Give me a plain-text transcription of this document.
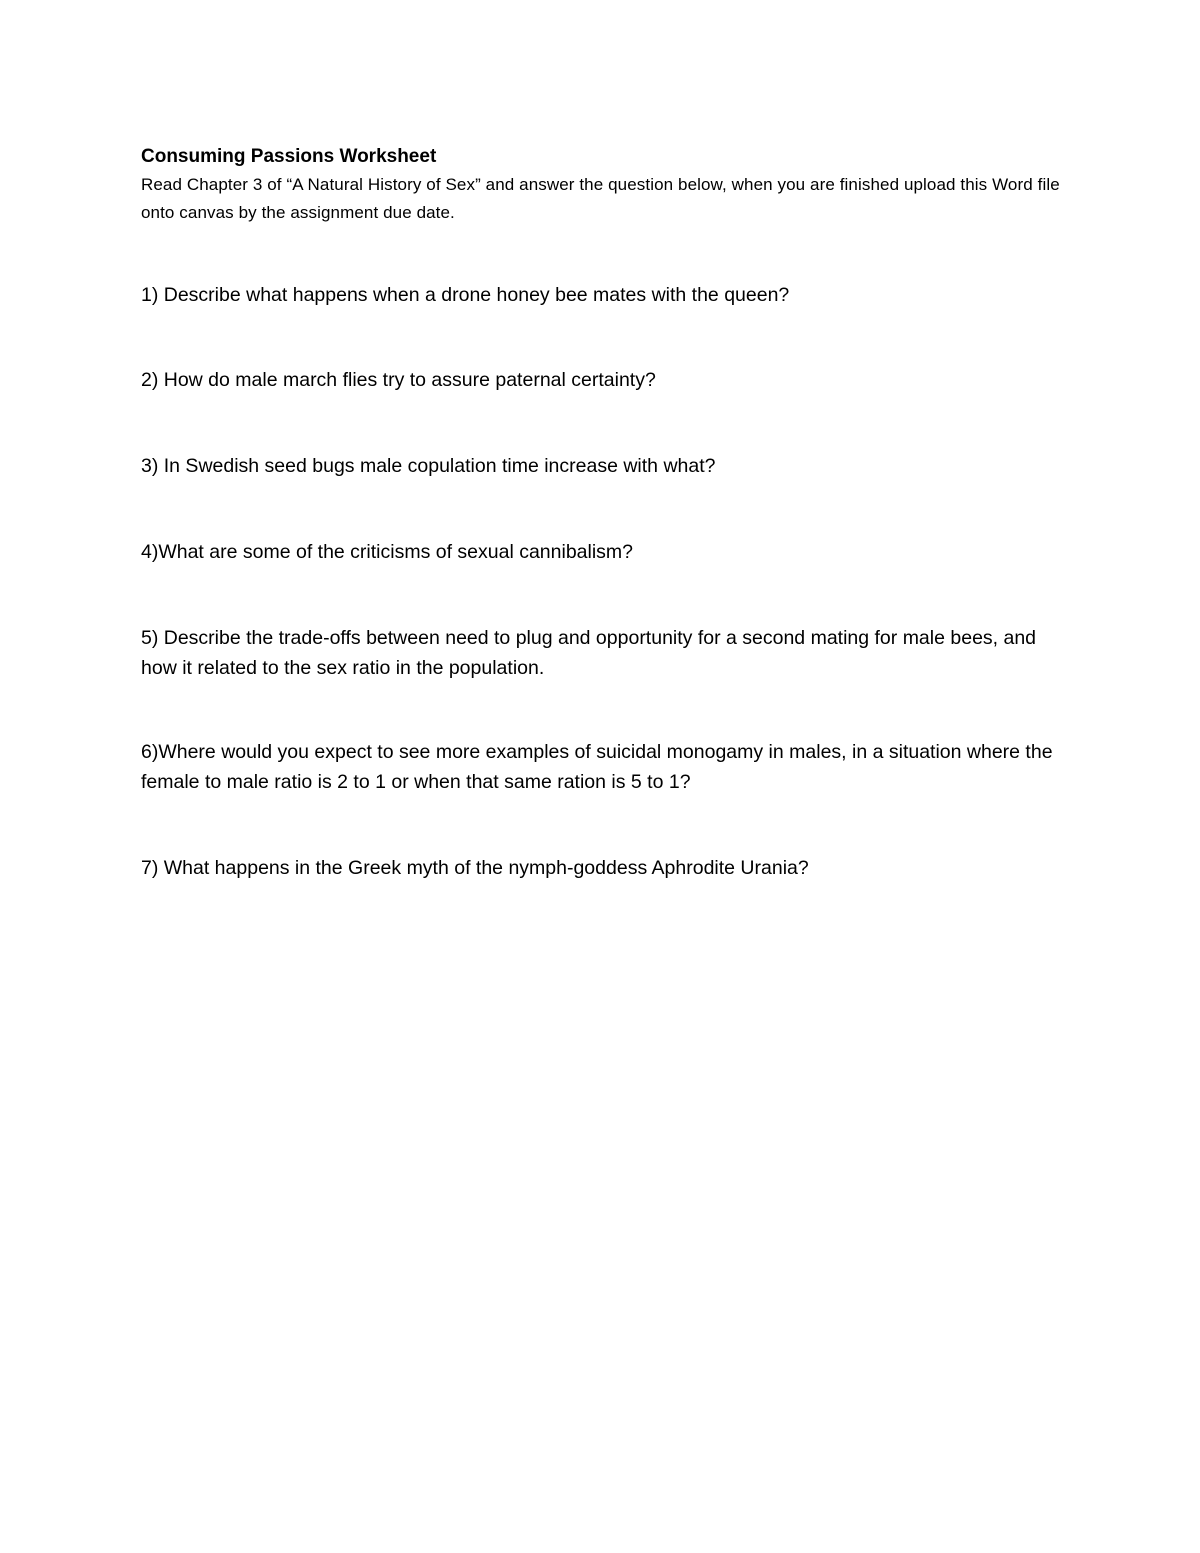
Consuming Passions Worksheet

Read Chapter 3 of “A Natural History of Sex” and answer the question below, when you are finished upload this Word file onto canvas by the assignment due date.

1) Describe what happens when a drone honey bee mates with the queen?

2) How do male march flies try to assure paternal certainty?

3) In Swedish seed bugs male copulation time increase with what?

4)What are some of the criticisms of sexual cannibalism?

5) Describe the trade-offs between need to plug and opportunity for a second mating for male bees, and how it related to the sex ratio in the population.

6)Where would you expect to see more examples of suicidal monogamy in males, in a situation where the female to male ratio is 2 to 1 or when that same ration is 5 to 1?

7) What happens in the Greek myth of the nymph-goddess Aphrodite Urania?
